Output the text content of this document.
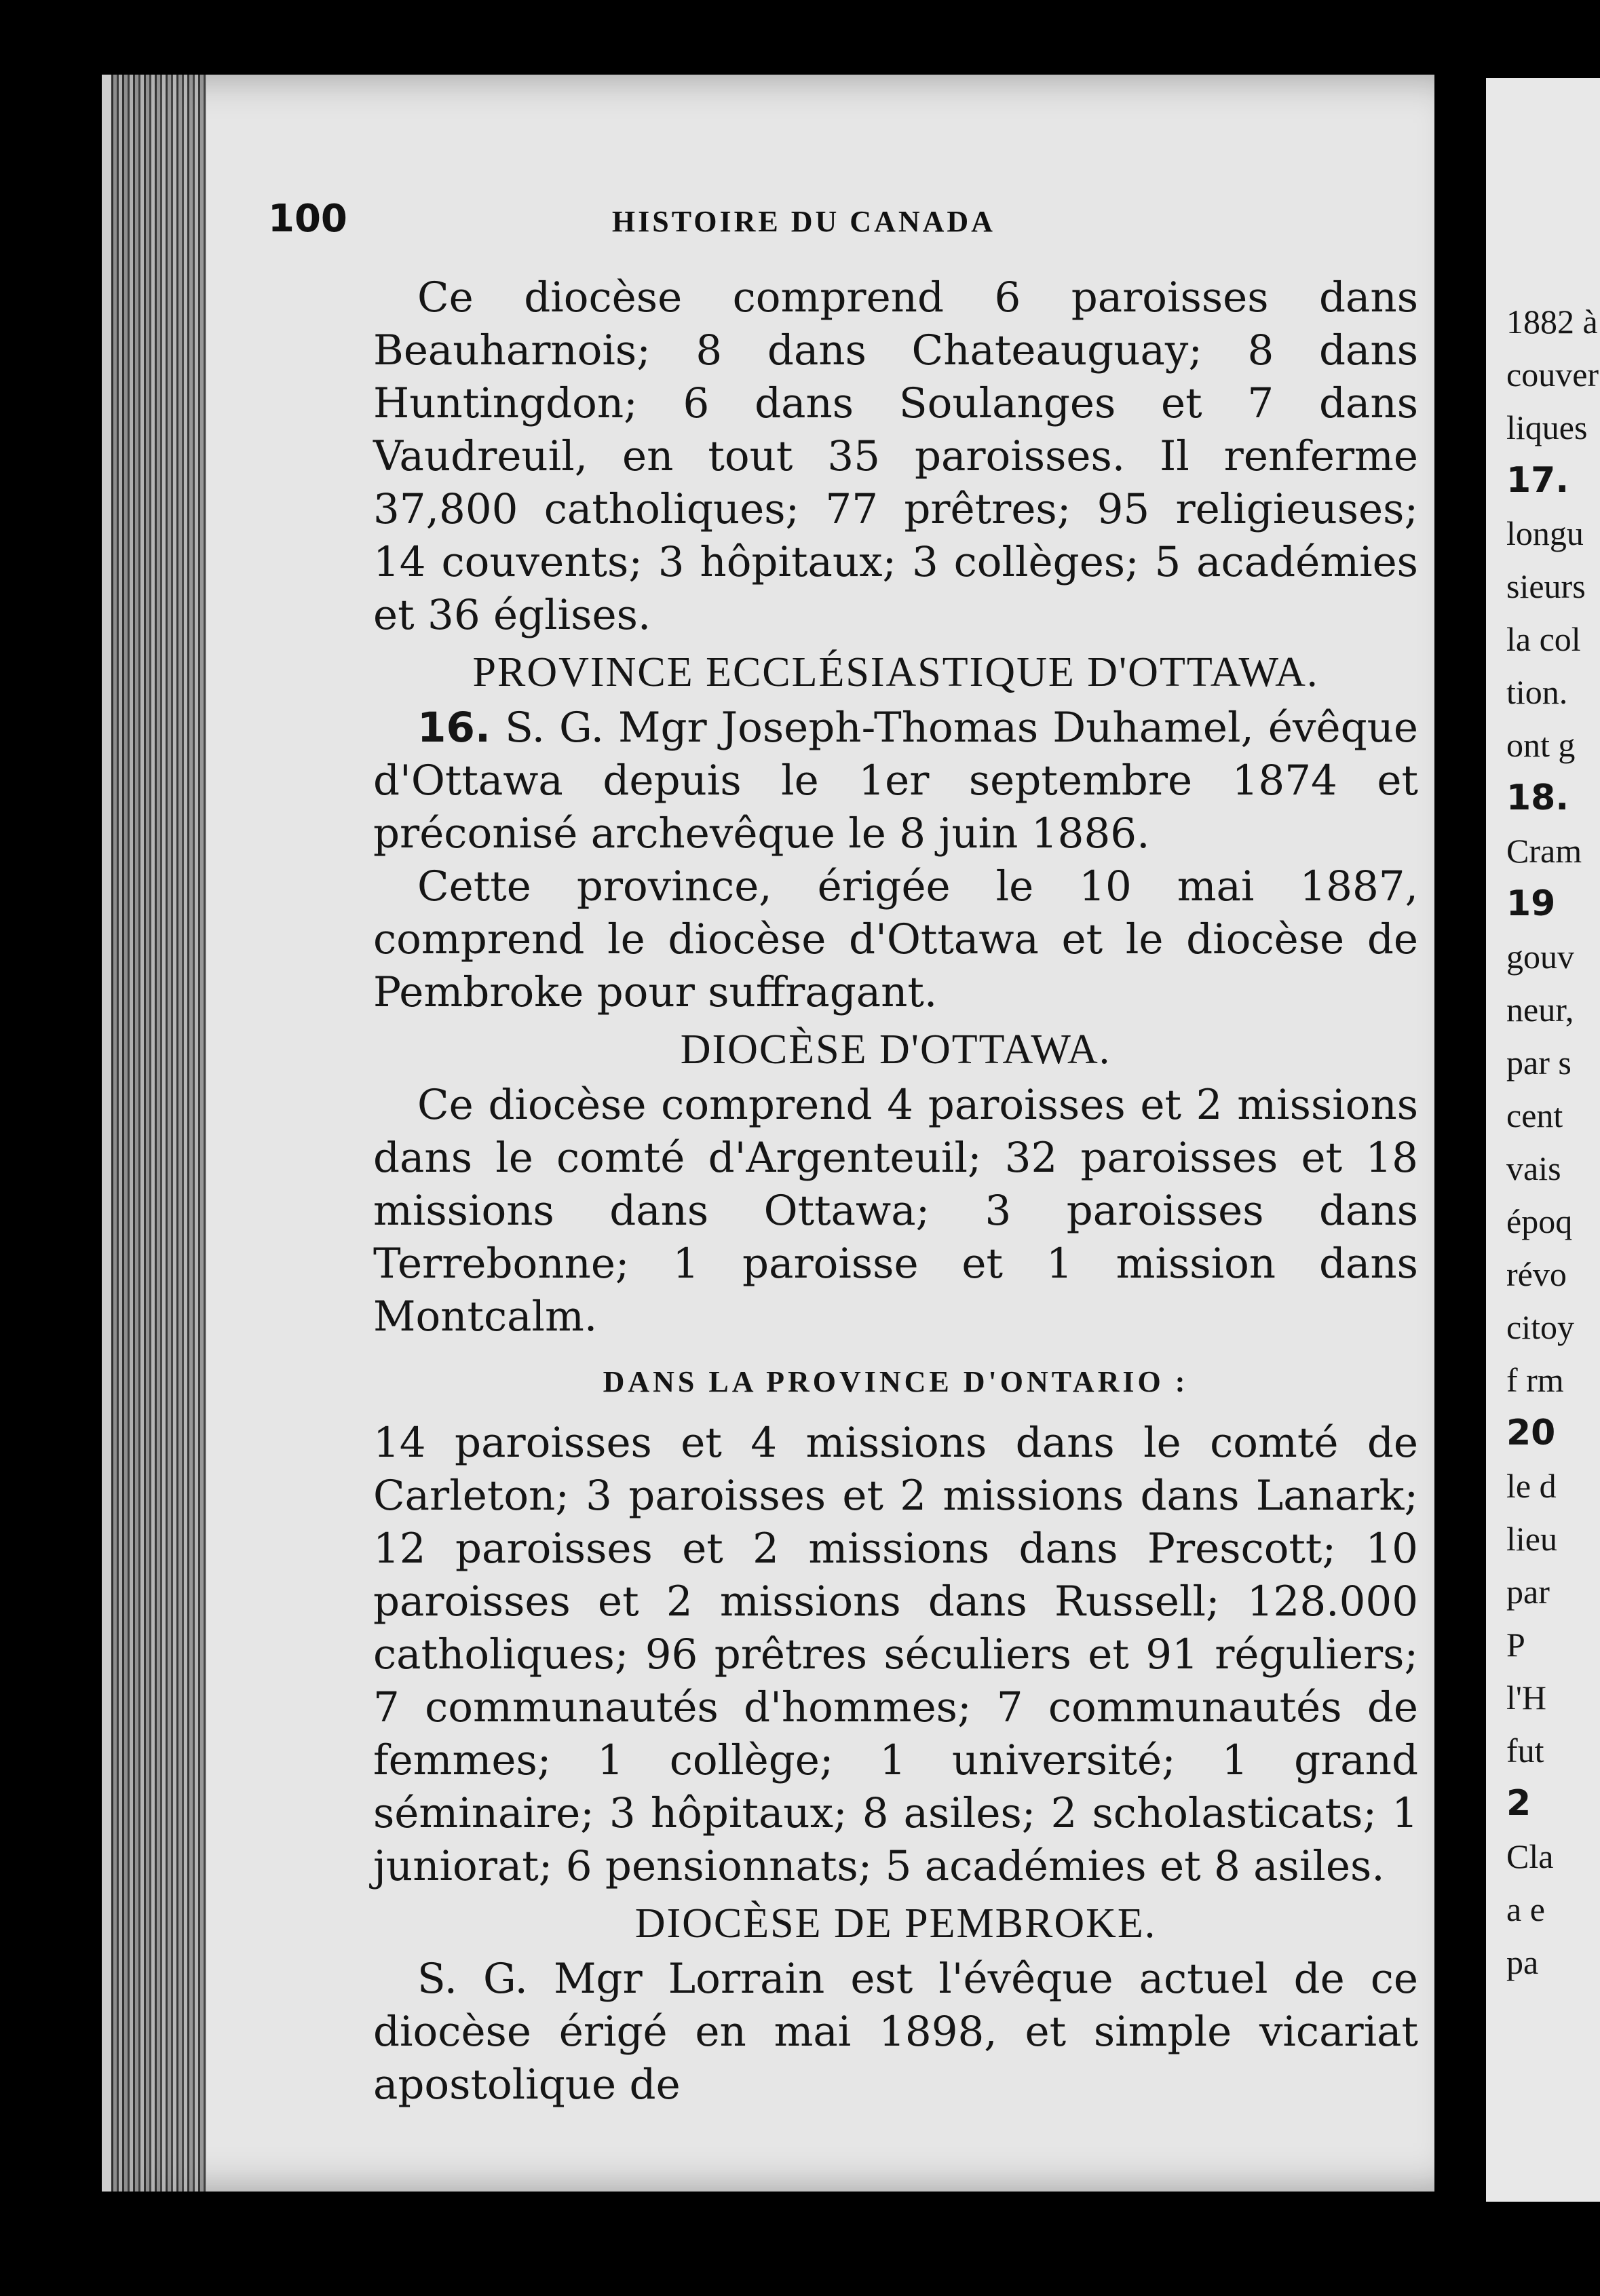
100	HISTOIRE DU CANADA

Ce diocèse comprend 6 paroisses dans Beauharnois; 8 dans Chateauguay; 8 dans Huntingdon; 6 dans Soulanges et 7 dans Vaudreuil, en tout 35 paroisses. Il renferme 37,800 catholiques; 77 prêtres; 95 religieuses; 14 couvents; 3 hôpitaux; 3 collèges; 5 académies et 36 églises.

PROVINCE ECCLÉSIASTIQUE D'OTTAWA.

16. S. G. Mgr Joseph-Thomas Duhamel, évêque d'Ottawa depuis le 1er septembre 1874 et préconisé archevêque le 8 juin 1886.

Cette province, érigée le 10 mai 1887, comprend le diocèse d'Ottawa et le diocèse de Pembroke pour suffragant.

DIOCÈSE D'OTTAWA.

Ce diocèse comprend 4 paroisses et 2 missions dans le comté d'Argenteuil; 32 paroisses et 18 missions dans Ottawa; 3 paroisses dans Terrebonne; 1 paroisse et 1 mission dans Montcalm.

DANS LA PROVINCE D'ONTARIO :

14 paroisses et 4 missions dans le comté de Carleton; 3 paroisses et 2 missions dans Lanark; 12 paroisses et 2 missions dans Prescott; 10 paroisses et 2 missions dans Russell; 128.000 catholiques; 96 prêtres séculiers et 91 réguliers; 7 communautés d'hommes; 7 communautés de femmes; 1 collège; 1 université; 1 grand séminaire; 3 hôpitaux; 8 asiles; 2 scholasticats; 1 juniorat; 6 pensionnats; 5 académies et 8 asiles.

DIOCÈSE DE PEMBROKE.

S. G. Mgr Lorrain est l'évêque actuel de ce diocèse érigé en mai 1898, et simple vicariat apostolique de

1882 à
couver
liques
17.
longu
sieurs
la col
tion.
ont g
18.
Cram
19
gouv
neur,
par s
cent
vais
époq
révo
citoy
f rm
20
le d
lieu
par
P
l'H
fut
2
Cla
a e
pa
